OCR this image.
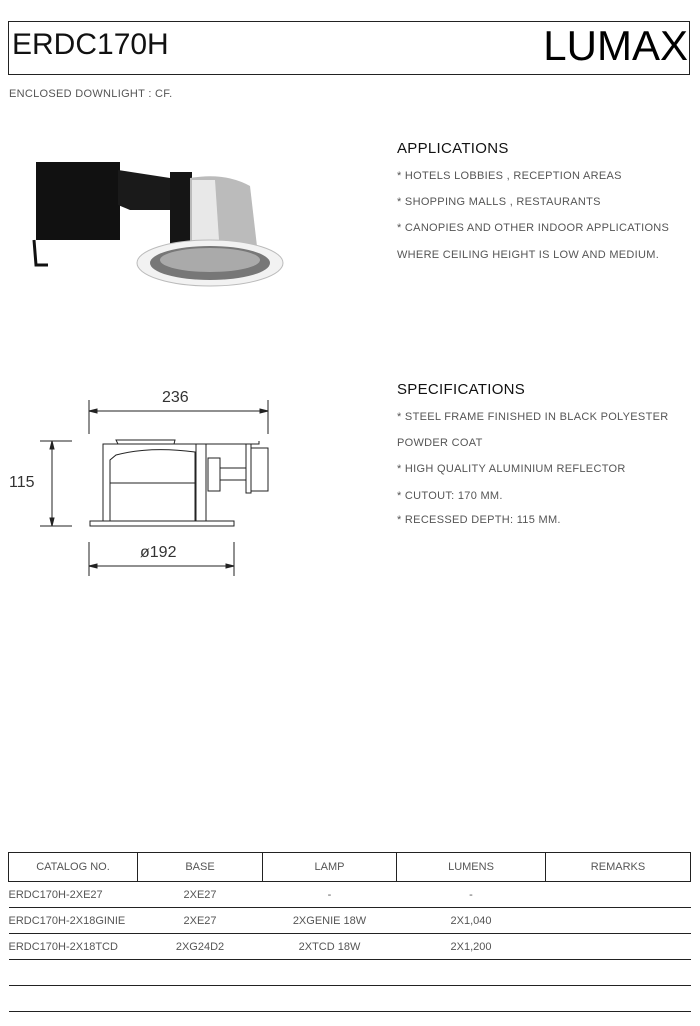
ERDC170H	LUMAX
ENCLOSED DOWNLIGHT : CF.
APPLICATIONS
* HOTELS LOBBIES , RECEPTION AREAS
* SHOPPING MALLS , RESTAURANTS
* CANOPIES AND OTHER INDOOR APPLICATIONS
WHERE CEILING HEIGHT IS LOW AND MEDIUM.
236
115
ø192
SPECIFICATIONS
* STEEL FRAME FINISHED IN BLACK POLYESTER
POWDER COAT
* HIGH QUALITY ALUMINIUM REFLECTOR
* CUTOUT: 170 MM.
* RECESSED DEPTH: 115 MM.
CATALOG NO.	BASE	LAMP	LUMENS	REMARKS
ERDC170H-2XE27	2XE27	-	-	
ERDC170H-2X18GINIE	2XE27	2XGENIE 18W	2X1,040	
ERDC170H-2X18TCD	2XG24D2	2XTCD 18W	2X1,200	
